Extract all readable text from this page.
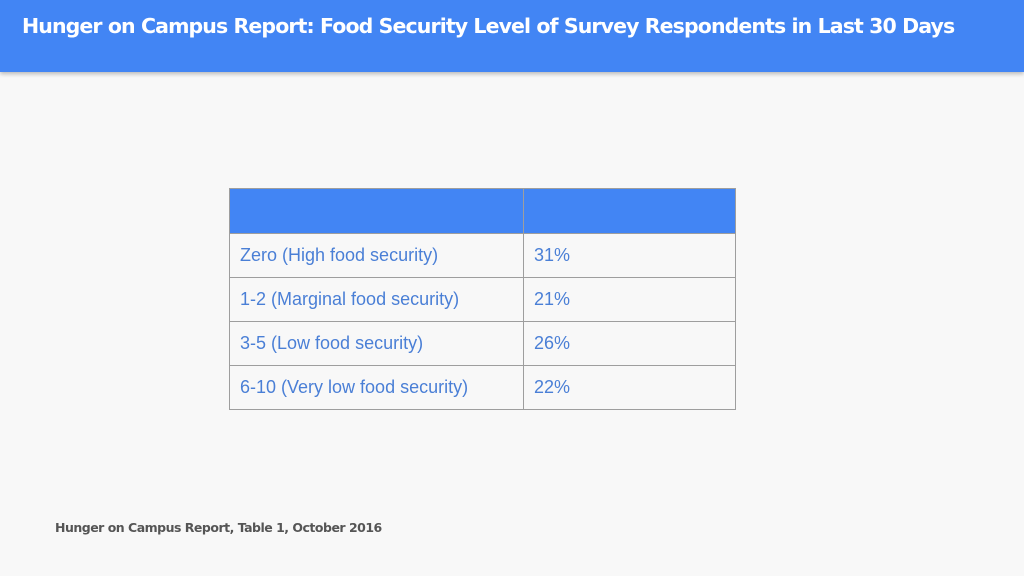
Hunger on Campus Report: Food Security Level of Survey Respondents in Last 30 Days

Zero (High food security)	31%
1-2 (Marginal food security)	21%
3-5 (Low food security)	26%
6-10 (Very low food security)	22%
Hunger on Campus Report, Table 1, October 2016
